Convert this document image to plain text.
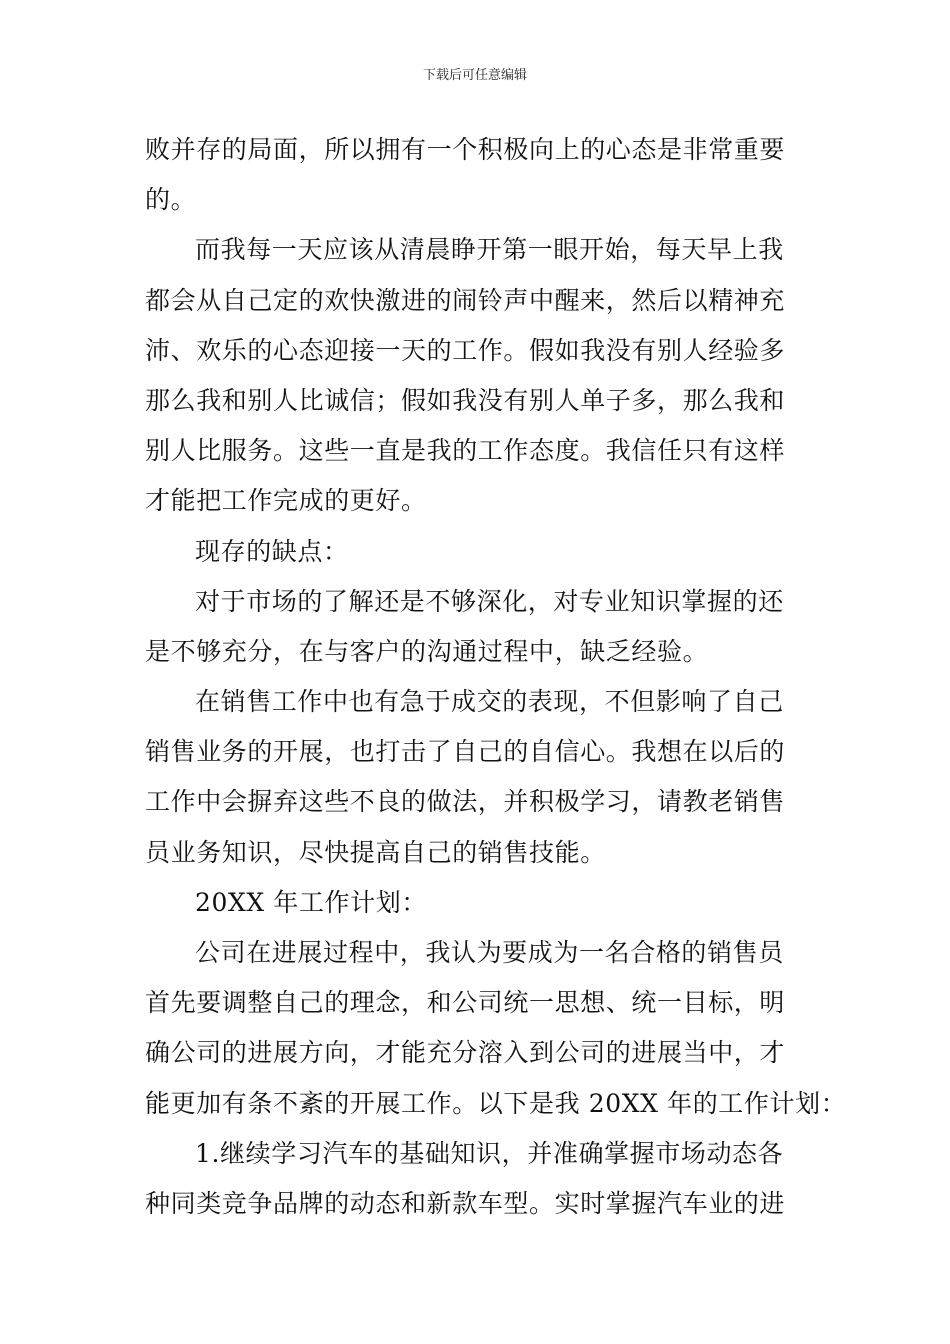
下载后可任意编辑

败并存的局面，所以拥有一个积极向上的心态是非常重要
的。

而我每一天应该从清晨睁开第一眼开始，每天早上我
都会从自己定的欢快激进的闹铃声中醒来，然后以精神充
沛、欢乐的心态迎接一天的工作。假如我没有别人经验多
那么我和别人比诚信；假如我没有别人单子多，那么我和
别人比服务。这些一直是我的工作态度。我信任只有这样
才能把工作完成的更好。

现存的缺点：

对于市场的了解还是不够深化，对专业知识掌握的还
是不够充分，在与客户的沟通过程中，缺乏经验。

在销售工作中也有急于成交的表现，不但影响了自己
销售业务的开展，也打击了自己的自信心。我想在以后的
工作中会摒弃这些不良的做法，并积极学习，请教老销售
员业务知识，尽快提高自己的销售技能。

20XX 年工作计划：

公司在进展过程中，我认为要成为一名合格的销售员
首先要调整自己的理念，和公司统一思想、统一目标，明
确公司的进展方向，才能充分溶入到公司的进展当中，才
能更加有条不紊的开展工作。以下是我 20XX 年的工作计划：

1.继续学习汽车的基础知识，并准确掌握市场动态各
种同类竞争品牌的动态和新款车型。实时掌握汽车业的进
